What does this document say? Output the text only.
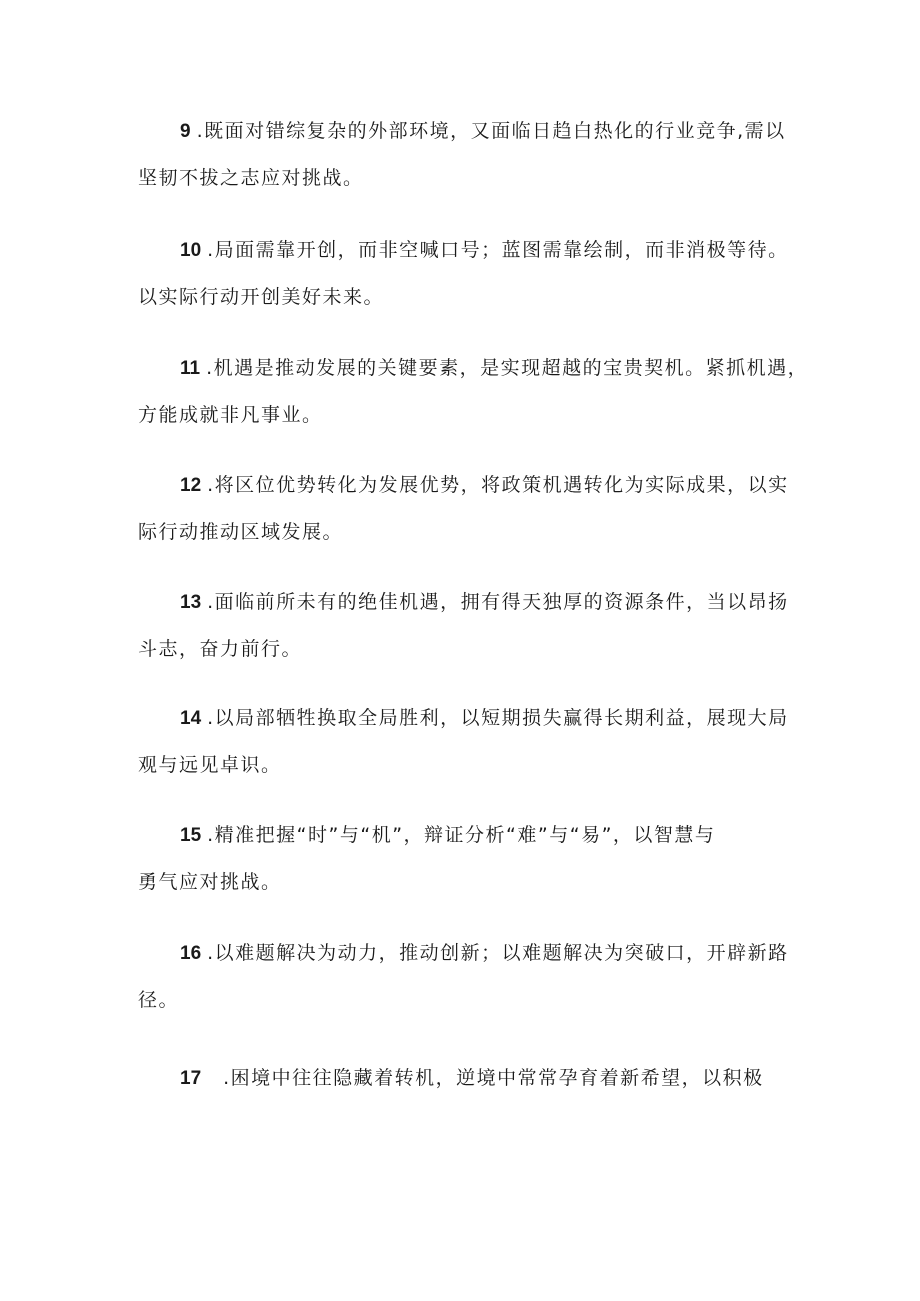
9 .既面对错综复杂的外部环境，又面临日趋白热化的行业竞争,需以
坚韧不拔之志应对挑战。
10 .局面需靠开创，而非空喊口号；蓝图需靠绘制，而非消极等待。
以实际行动开创美好未来。
11 .机遇是推动发展的关键要素，是实现超越的宝贵契机。紧抓机遇，
方能成就非凡事业。
12 .将区位优势转化为发展优势，将政策机遇转化为实际成果，以实
际行动推动区域发展。
13 .面临前所未有的绝佳机遇，拥有得天独厚的资源条件，当以昂扬
斗志，奋力前行。
14 .以局部牺牲换取全局胜利，以短期损失赢得长期利益，展现大局
观与远见卓识。
15 .精准把握“时”与“机”，辩证分析“难”与“易”，以智慧与
勇气应对挑战。
16 .以难题解决为动力，推动创新；以难题解决为突破口，开辟新路
径。
17 .困境中往往隐藏着转机，逆境中常常孕育着新希望，以积极
